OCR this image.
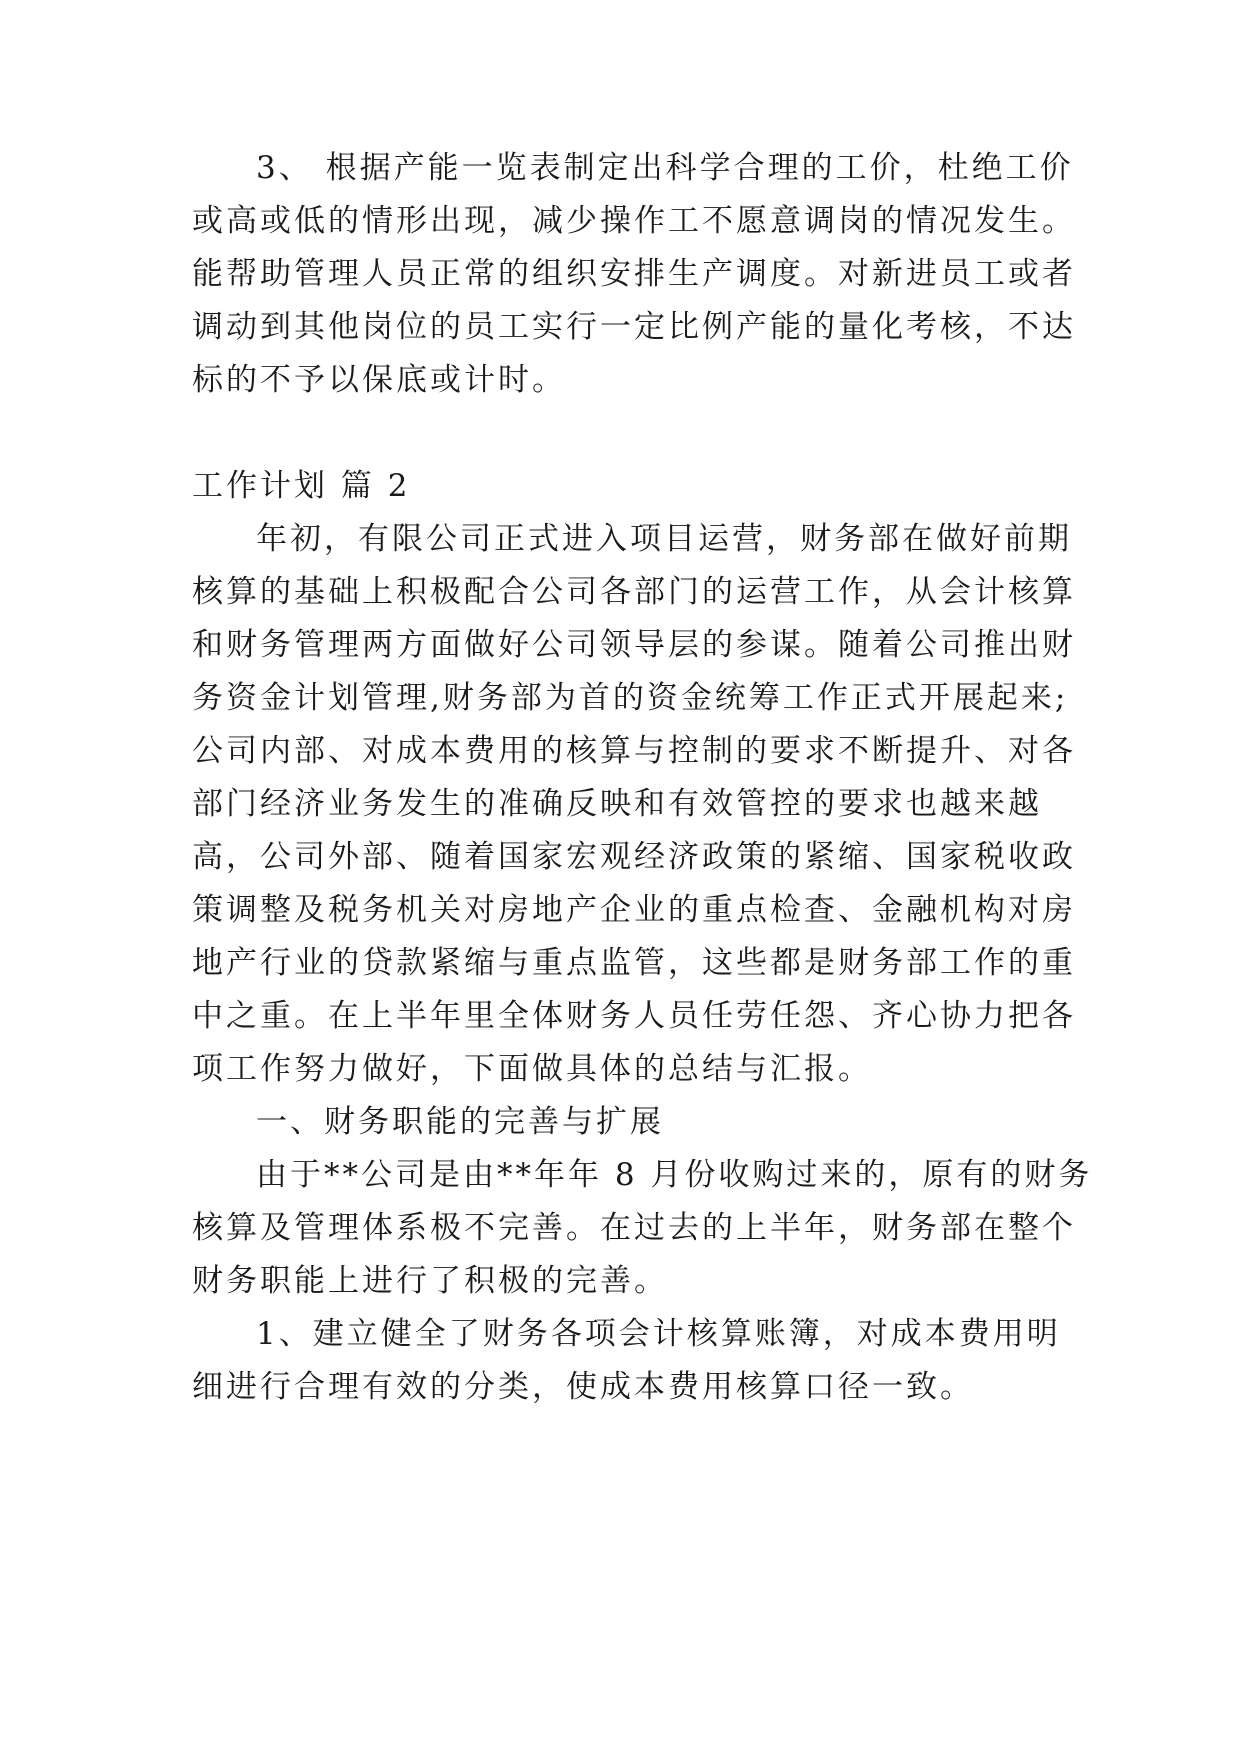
3、 根据产能一览表制定出科学合理的工价，杜绝工价
或高或低的情形出现，减少操作工不愿意调岗的情况发生。
能帮助管理人员正常的组织安排生产调度。对新进员工或者
调动到其他岗位的员工实行一定比例产能的量化考核，不达
标的不予以保底或计时。
工作计划 篇 2
年初，有限公司正式进入项目运营，财务部在做好前期
核算的基础上积极配合公司各部门的运营工作，从会计核算
和财务管理两方面做好公司领导层的参谋。随着公司推出财
务资金计划管理,财务部为首的资金统筹工作正式开展起来;
公司内部、对成本费用的核算与控制的要求不断提升、对各
部门经济业务发生的准确反映和有效管控的要求也越来越
高，公司外部、随着国家宏观经济政策的紧缩、国家税收政
策调整及税务机关对房地产企业的重点检查、金融机构对房
地产行业的贷款紧缩与重点监管，这些都是财务部工作的重
中之重。在上半年里全体财务人员任劳任怨、齐心协力把各
项工作努力做好，下面做具体的总结与汇报。
一、财务职能的完善与扩展
由于**公司是由**年年 8 月份收购过来的，原有的财务
核算及管理体系极不完善。在过去的上半年，财务部在整个
财务职能上进行了积极的完善。
1、建立健全了财务各项会计核算账簿，对成本费用明
细进行合理有效的分类，使成本费用核算口径一致。
